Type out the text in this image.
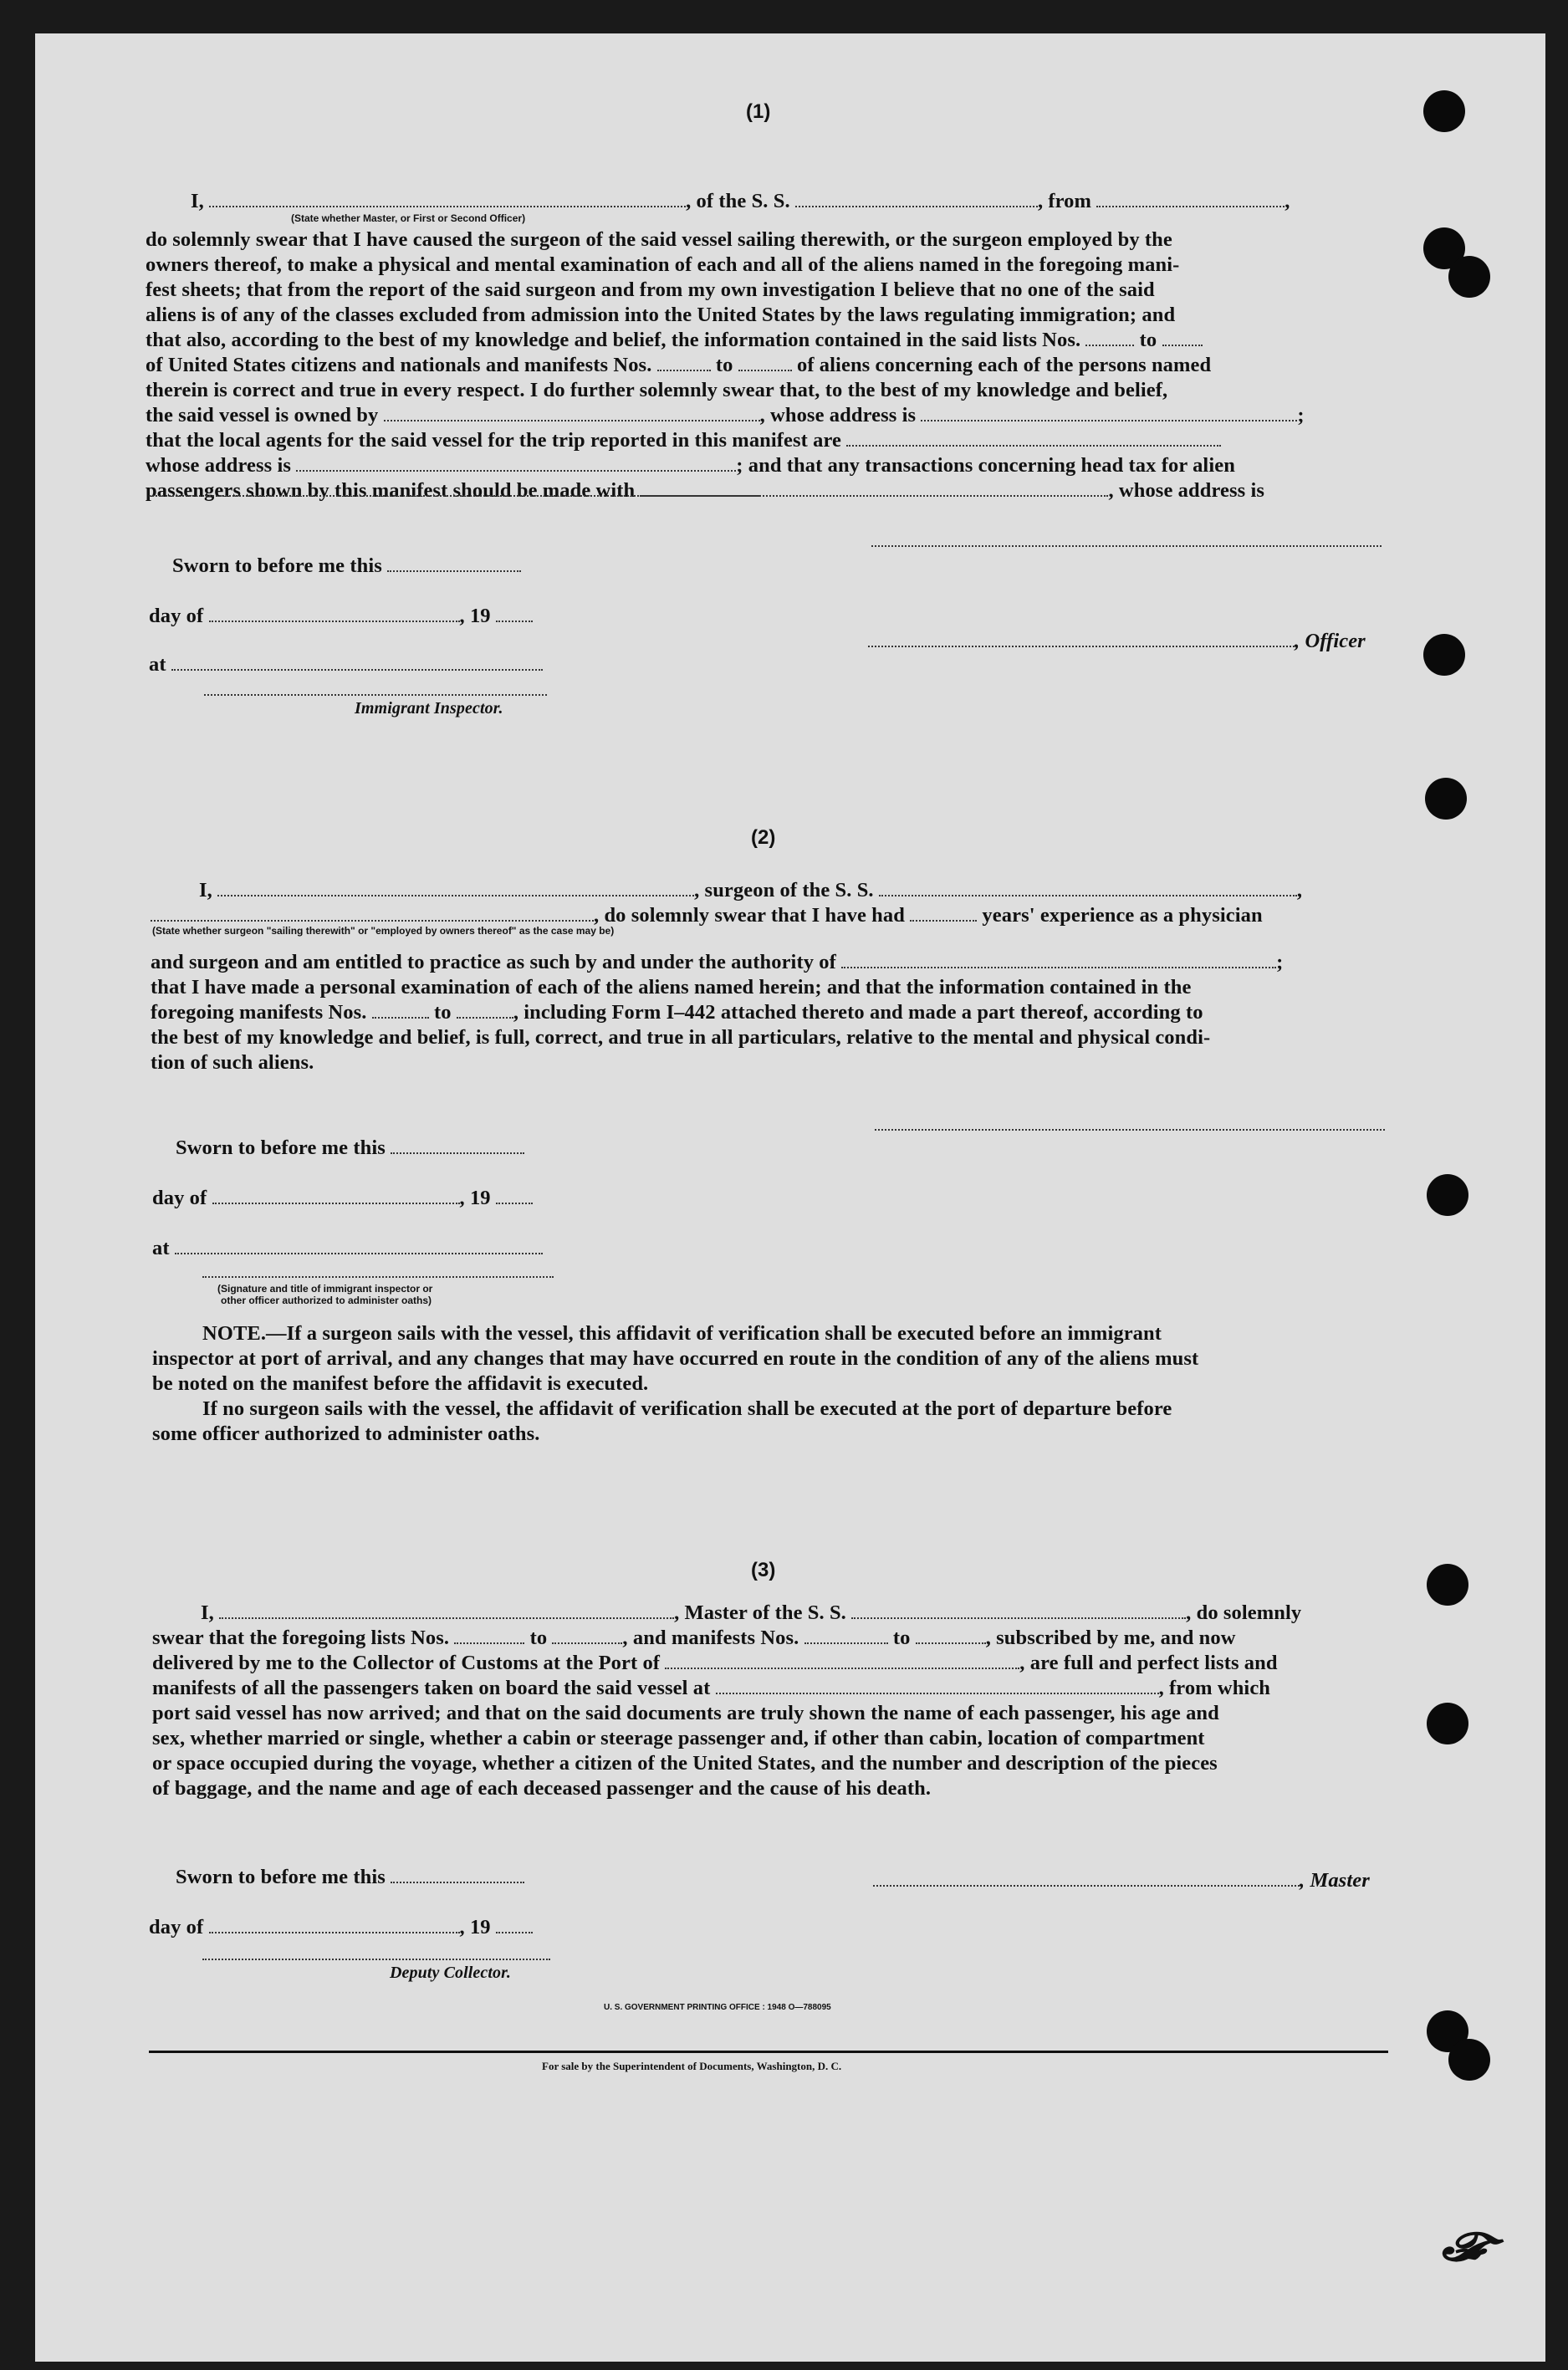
𝓕
(1)
I,	, of the S. S.	, from	,
(State whether Master, or First or Second Officer)
do solemnly swear that I have caused the surgeon of the said vessel sailing therewith, or the surgeon employed by the
owners thereof, to make a physical and mental examination of each and all of the aliens named in the foregoing mani-
fest sheets; that from the report of the said surgeon and from my own investigation I believe that no one of the said
aliens is of any of the classes excluded from admission into the United States by the laws regulating immigration; and
that also, according to the best of my knowledge and belief, the information contained in the said lists Nos.	to
of United States citizens and nationals and manifests Nos.	to	of aliens concerning each of the persons named
therein is correct and true in every respect. I do further solemnly swear that, to the best of my knowledge and belief,
the said vessel is owned by	, whose address is	;
that the local agents for the said vessel for the trip reported in this manifest are
whose address is	; and that any transactions concerning head tax for alien
passengers shown by this manifest should be made with	, whose address is
Sworn to before me this
day of	, 19
, Officer
at
Immigrant Inspector.
(2)
I,	, surgeon of the S. S.	,
, do solemnly swear that I have had	years' experience as a physician
(State whether surgeon "sailing therewith" or "employed by owners thereof" as the case may be)
and surgeon and am entitled to practice as such by and under the authority of	;
that I have made a personal examination of each of the aliens named herein; and that the information contained in the
foregoing manifests Nos.	to	, including Form I–442 attached thereto and made a part thereof, according to
the best of my knowledge and belief, is full, correct, and true in all particulars, relative to the mental and physical condi-
tion of such aliens.
Sworn to before me this
day of	, 19
at
(Signature and title of immigrant inspector or
other officer authorized to administer oaths)
NOTE.—If a surgeon sails with the vessel, this affidavit of verification shall be executed before an immigrant
inspector at port of arrival, and any changes that may have occurred en route in the condition of any of the aliens must
be noted on the manifest before the affidavit is executed.
If no surgeon sails with the vessel, the affidavit of verification shall be executed at the port of departure before
some officer authorized to administer oaths.
(3)
I,	, Master of the S. S.	, do solemnly
swear that the foregoing lists Nos.	to	, and manifests Nos.	to	, subscribed by me, and now
delivered by me to the Collector of Customs at the Port of	, are full and perfect lists and
manifests of all the passengers taken on board the said vessel at	, from which
port said vessel has now arrived; and that on the said documents are truly shown the name of each passenger, his age and
sex, whether married or single, whether a cabin or steerage passenger and, if other than cabin, location of compartment
or space occupied during the voyage, whether a citizen of the United States, and the number and description of the pieces
of baggage, and the name and age of each deceased passenger and the cause of his death.
Sworn to before me this	, Master
day of	, 19
Deputy Collector.
U. S. GOVERNMENT PRINTING OFFICE : 1948 O—788095
For sale by the Superintendent of Documents, Washington, D. C.
